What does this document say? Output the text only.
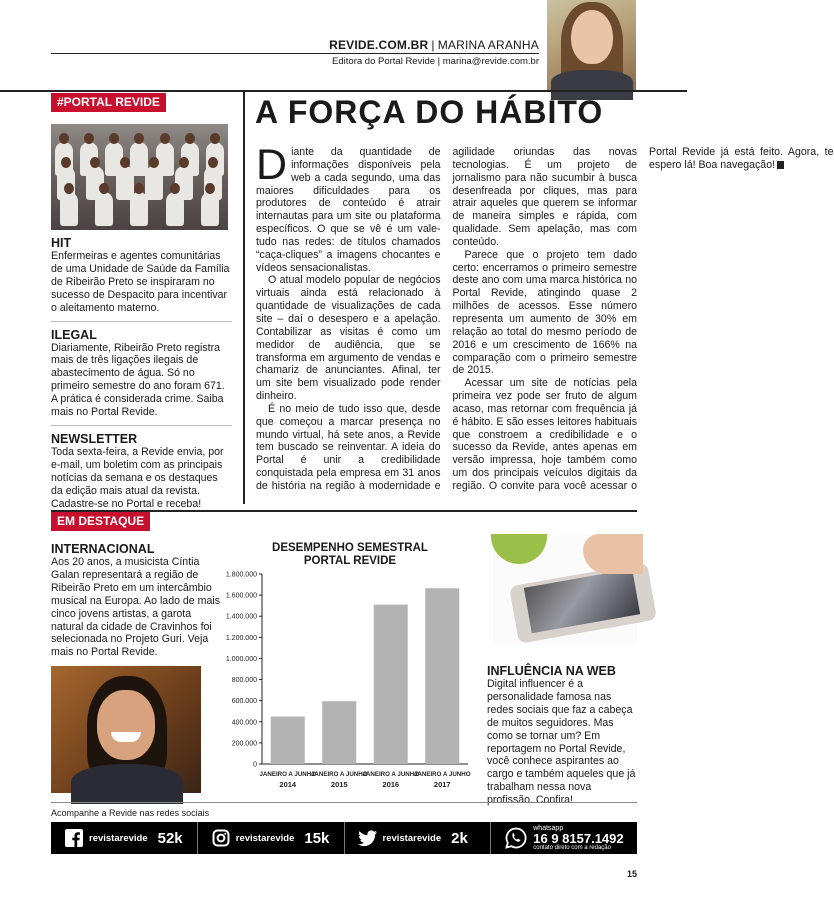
REVIDE.COM.BR | MARINA ARANHA
Editora do Portal Revide | marina@revide.com.br
#PORTAL REVIDE
HIT

Enfermeiras e agentes comunitárias de uma Unidade de Saúde da Família de Ribeirão Preto se inspiraram no sucesso de Despacito para incentivar o aleitamento materno.

ILEGAL

Diariamente, Ribeirão Preto registra mais de três ligações ilegais de abastecimento de água. Só no primeiro semestre do ano foram 671. A prática é considerada crime. Saiba mais no Portal Revide.

NEWSLETTER

Toda sexta-feira, a Revide envia, por e-mail, um boletim com as principais notícias da semana e os destaques da edição mais atual da revista. Cadastre-se no Portal e receba!

A FORÇA DO HÁBITO

Diante da quantidade de informações disponíveis pela web a cada segundo, uma das maiores dificuldades para os produtores de conteúdo é atrair internautas para um site ou plataforma específicos. O que se vê é um vale-tudo nas redes: de títulos chamados “caça-cliques” a imagens chocantes e vídeos sensacionalistas.

O atual modelo popular de negócios virtuais ainda está relacionado à quantidade de visualizações de cada site – daí o desespero e a apelação. Contabilizar as visitas é como um medidor de audiência, que se transforma em argumento de vendas e chamariz de anunciantes. Afinal, ter um site bem visualizado pode render dinheiro.

É no meio de tudo isso que, desde que começou a marcar presença no mundo virtual, há sete anos, a Revide tem buscado se reinventar. A ideia do Portal é unir a credibilidade conquistada pela empresa em 31 anos de história na região à modernidade e agilidade oriundas das novas tecnologias. É um projeto de jornalismo para não sucumbir à busca desenfreada por cliques, mas para atrair aqueles que querem se informar de maneira simples e rápida, com qualidade. Sem apelação, mas com conteúdo.

Parece que o projeto tem dado certo: encerramos o primeiro semestre deste ano com uma marca histórica no Portal Revide, atingindo quase 2 milhões de acessos. Esse número representa um aumento de 30% em relação ao total do mesmo período de 2016 e um crescimento de 166% na comparação com o primeiro semestre de 2015.

Acessar um site de notícias pela primeira vez pode ser fruto de algum acaso, mas retornar com frequência já é hábito. E são esses leitores habituais que constroem a credibilidade e o sucesso da Revide, antes apenas em versão impressa, hoje também como um dos principais veículos digitais da região. O convite para você acessar o Portal Revide já está feito. Agora, te espero lá! Boa navegação!

EM DESTAQUE
INTERNACIONAL

Aos 20 anos, a musicista Cíntia Galan representará a região de Ribeirão Preto em um intercâmbio musical na Europa. Ao lado de mais cinco jovens artistas, a garota natural da cidade de Cravinhos foi selecionada no Projeto Guri. Veja mais no Portal Revide.

DESEMPENHO SEMESTRAL
PORTAL REVIDE
0
200.000
400.000
600.000
800.000
1.000.000
1.200.000
1.400.000
1.600.000
1.800.000
JANEIRO A JUNHO
2014
JANEIRO A JUNHO
2015
JANEIRO A JUNHO
2016
JANEIRO A JUNHO
2017
INFLUÊNCIA NA WEB

Digital influencer é a personalidade famosa nas redes sociais que faz a cabeça de muitos seguidores. Mas como se tornar um? Em reportagem no Portal Revide, você conhece aspirantes ao cargo e também aqueles que já trabalham nessa nova profissão. Confira!

Acompanhe a Revide nas redes sociais
revistarevide 52k	revistarevide 15k	revistarevide 2k
whatsapp
16 9 8157.1492
contato direto com a redação
15
